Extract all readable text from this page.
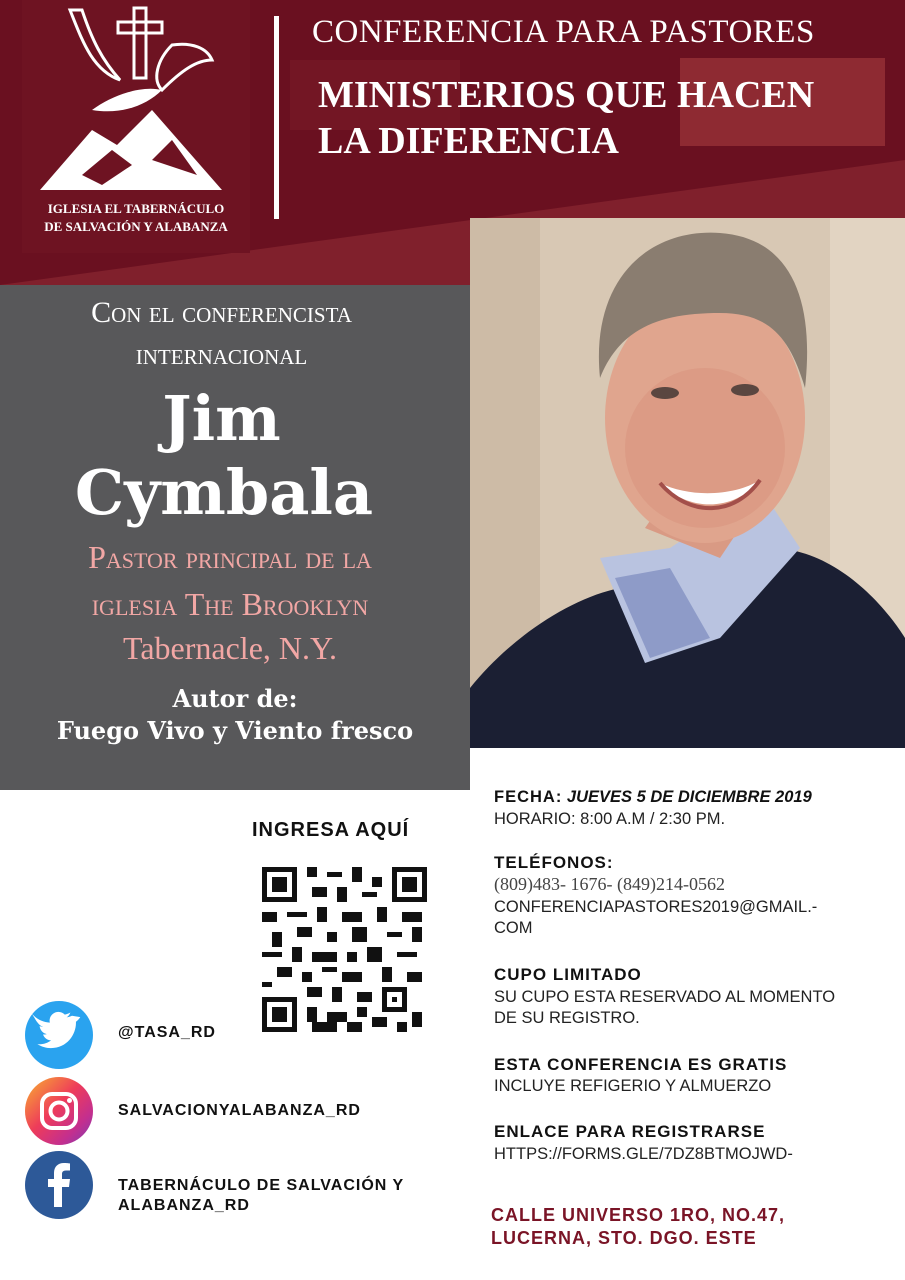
IGLESIA EL TABERNÁCULO
DE SALVACIÓN Y ALABANZA
CONFERENCIA PARA PASTORES
MINISTERIOS QUE HACEN
LA DIFERENCIA
Con el conferencista
internacional
Jim
Cymbala
Pastor principal de la
iglesia The Brooklyn
Tabernacle, N.Y.
Autor de:
Fuego Vivo y Viento fresco
INGRESA AQUÍ
FECHA: JUEVES 5 DE DICIEMBRE 2019
HORARIO: 8:00 A.M / 2:30 PM.
TELÉFONOS:
(809)483- 1676- (849)214-0562
CONFERENCIAPASTORES2019@GMAIL.-
COM
CUPO LIMITADO
SU CUPO ESTA RESERVADO AL MOMENTO
DE SU REGISTRO.
ESTA CONFERENCIA ES GRATIS
INCLUYE REFIGERIO Y ALMUERZO
ENLACE PARA REGISTRARSE
HTTPS://FORMS.GLE/7DZ8BTMOJWD-
CALLE UNIVERSO 1RO, NO.47,
LUCERNA, STO. DGO. ESTE
@TASA_RD
SALVACIONYALABANZA_RD
TABERNÁCULO DE SALVACIÓN Y
ALABANZA_RD
